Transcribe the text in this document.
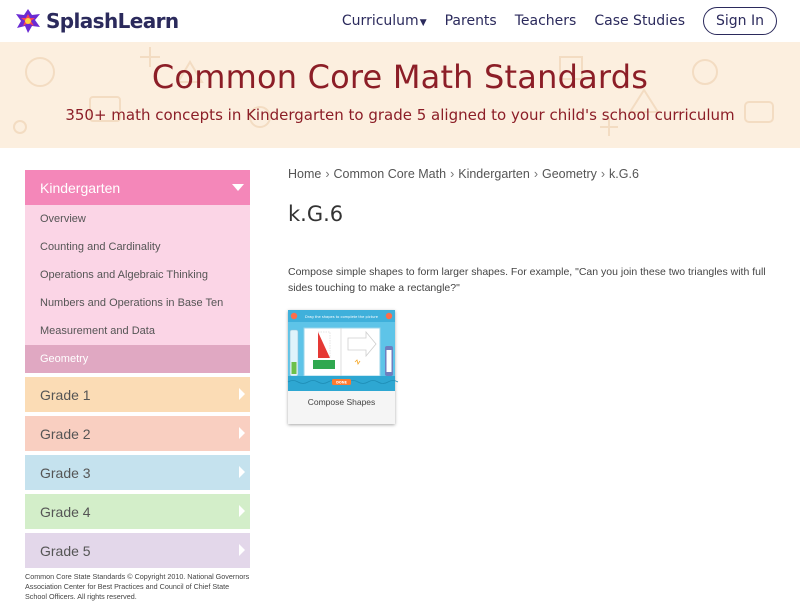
SplashLearn	Curriculum▼ Parents Teachers Case Studies	Sign In
Common Core Math Standards
350+ math concepts in Kindergarten to grade 5 aligned to your child's school curriculum
Kindergarten
Overview
Counting and Cardinality
Operations and Algebraic Thinking
Numbers and Operations in Base Ten
Measurement and Data
Geometry
Grade 1
Grade 2
Grade 3
Grade 4
Grade 5
Common Core State Standards © Copyright 2010. National Governors Association Center for Best Practices and Council of Chief State School Officers. All rights reserved.
Home › Common Core Math › Kindergarten › Geometry › k.G.6
k.G.6

Compose simple shapes to form larger shapes. For example, "Can you join these two triangles with full sides touching to make a rectangle?"

Drag the shapes to complete the picture
DONE
Compose Shapes
